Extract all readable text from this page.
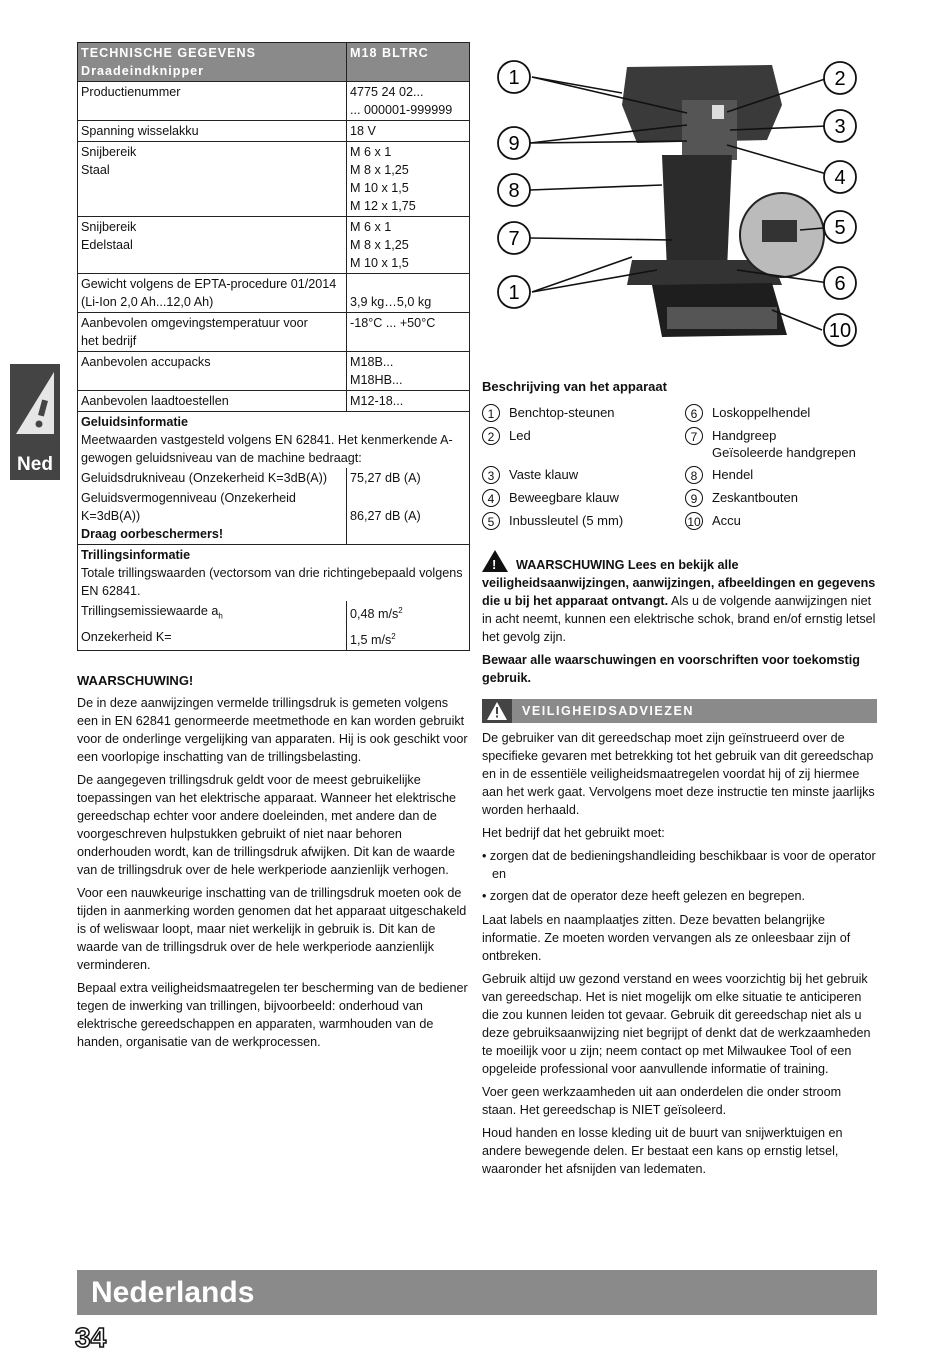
TECHNISCHE GEGEVENS
Draadeindknipper	M18 BLTRC

Productienummer	4775 24 02...
... 000001-999999

Spanning wisselakku	18 V

Snijbereik
Staal	M 6 x 1
M 8 x 1,25
M 10 x 1,5
M 12 x 1,75

Snijbereik
Edelstaal	M 6 x 1
M 8 x 1,25
M 10 x 1,5

Gewicht volgens de EPTA-procedure 01/2014
(Li-Ion 2,0 Ah...12,0 Ah)	3,9 kg…5,0 kg

Aanbevolen omgevingstemperatuur voor
het bedrijf	-18°C ... +50°C

Aanbevolen accupacks	M18B...
M18HB...

Aanbevolen laadtoestellen	M12-18...

Geluidsinformatie
Meetwaarden vastgesteld volgens EN 62841. Het kenmerkende A-gewogen geluidsniveau van de machine bedraagt:	

Geluidsdrukniveau (Onzekerheid K=3dB(A))	75,27 dB (A)

Geluidsvermogenniveau (Onzekerheid
K=3dB(A))
Draag oorbeschermers!	86,27 dB (A)

Trillingsinformatie
Totale trillingswaarden (vectorsom van drie richtingebepaald volgens EN 62841.	

Trillingsemissiewaarde $a_h$	0,48 $m/s^2$
Onzekerheid K=	1,5 $m/s^2$
Ned
1	2
3
9
4
8
5
7
6
1
10
WAARSCHUWING!

De in deze aanwijzingen vermelde trillingsdruk is gemeten volgens een in EN 62841 genormeerde meetmethode en kan worden gebruikt voor de onderlinge vergelijking van apparaten. Hij is ook geschikt voor een voorlopige inschatting van de trillingsbelasting.

De aangegeven trillingsdruk geldt voor de meest gebruikelijke toepassingen van het elektrische apparaat. Wanneer het elektrische gereedschap echter voor andere doeleinden, met andere dan de voorgeschreven hulpstukken gebruikt of niet naar behoren onderhouden wordt, kan de trillingsdruk afwijken. Dit kan de waarde van de trillingsdruk over de hele werkperiode aanzienlijk verhogen.

Voor een nauwkeurige inschatting van de trillingsdruk moeten ook de tijden in aanmerking worden genomen dat het apparaat uitgeschakeld is of weliswaar loopt, maar niet werkelijk in gebruik is. Dit kan de waarde van de trillingsdruk over de hele werkperiode aanzienlijk verminderen.

Bepaal extra veiligheidsmaatregelen ter bescherming van de bediener tegen de inwerking van trillingen, bijvoorbeeld: onderhoud van elektrische gereedschappen en apparaten, warmhouden van de handen, organisatie van de werkprocessen.

Beschrijving van het apparaat
1	Benchtop-steunen	6	Loskoppelhendel
2	Led	7	Handgreep
Geïsoleerde handgrepen
3	Vaste klauw	8	Hendel
4	Beweegbare klauw	9	Zeskantbouten
5	Inbussleutel (5 mm)	10 Accu

!WAARSCHUWING Lees en bekijk alle veiligheidsaanwijzingen, aanwijzingen, afbeeldingen en gegevens die u bij het apparaat ontvangt. Als u de volgende aanwijzingen niet in acht neemt, kunnen een elektrische schok, brand en/of ernstig letsel het gevolg zijn.

Bewaar alle waarschuwingen en voorschriften voor toekomstig gebruik.

VEILIGHEIDSADVIEZEN

De gebruiker van dit gereedschap moet zijn geïnstrueerd over de specifieke gevaren met betrekking tot het gebruik van dit gereedschap en in de essentiële veiligheidsmaatregelen voordat hij of zij hiermee aan het werk gaat. Vervolgens moet deze instructie ten minste jaarlijks worden herhaald.

Het bedrijf dat het gebruikt moet:

• zorgen dat de bedieningshandleiding beschikbaar is voor de operator en
• zorgen dat de operator deze heeft gelezen en begrepen.

Laat labels en naamplaatjes zitten. Deze bevatten belangrijke informatie. Ze moeten worden vervangen als ze onleesbaar zijn of ontbreken.

Gebruik altijd uw gezond verstand en wees voorzichtig bij het gebruik van gereedschap. Het is niet mogelijk om elke situatie te anticiperen die zou kunnen leiden tot gevaar. Gebruik dit gereedschap niet als u deze gebruiksaanwijzing niet begrijpt of denkt dat de werkzaamheden te moeilijk voor u zijn; neem contact op met Milwaukee Tool of een opgeleide professional voor aanvullende informatie of training.

Voer geen werkzaamheden uit aan onderdelen die onder stroom staan. Het gereedschap is NIET geïsoleerd.

Houd handen en losse kleding uit de buurt van snijwerktuigen en andere bewegende delen. Er bestaat een kans op ernstig letsel, waaronder het afsnijden van ledematen.

Nederlands
34
